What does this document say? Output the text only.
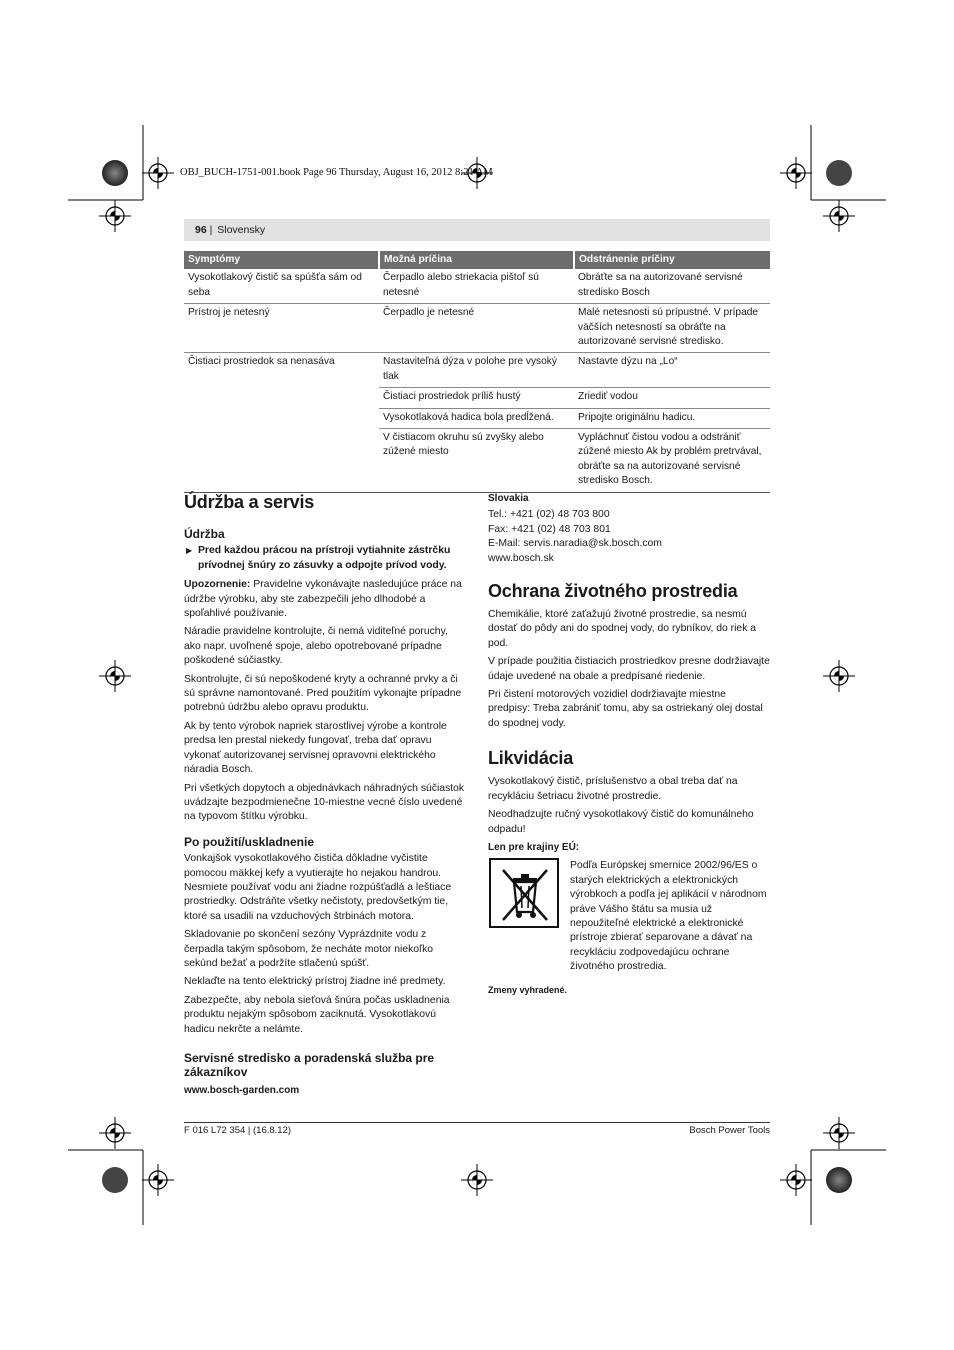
OBJ_BUCH-1751-001.book Page 96 Thursday, August 16, 2012 8:21 AM
96 | Slovensky
Symptómy	Možná príčina	Odstránenie príčiny
Vysokotlakový čistič sa spúšťa sám od seba	Čerpadlo alebo striekacia pištoľ sú netesné	Obráťte sa na autorizované servisné stredisko Bosch
Prístroj je netesný	Čerpadlo je netesné	Malé netesnosti sú prípustné. V prípade väčších netesností sa obráťte na autorizované servisné stredisko.
Čistiaci prostriedok sa nenasáva	Nastaviteľná dýza v polohe pre vysoký tlak	Nastavte dýzu na „Lo“
	Čistiaci prostriedok príliš hustý	Zriediť vodou
	Vysokotlaková hadica bola predĺžená.	Pripojte originálnu hadicu.
	V čistiacom okruhu sú zvyšky alebo zúžené miesto	Vypláchnuť čistou vodou a odstrániť zúžené miesto Ak by problém pretrvával, obráťte sa na autorizované servisné stredisko Bosch.
Údržba a servis
Údržba

▶ Pred každou prácou na prístroji vytiahnite zástrčku prívodnej šnúry zo zásuvky a odpojte prívod vody.

Upozornenie: Pravidelne vykonávajte nasledujúce práce na údržbe výrobku, aby ste zabezpečili jeho dlhodobé a spoľahlivé používanie.

Náradie pravidelne kontrolujte, či nemá viditeľné poruchy, ako napr. uvoľnené spoje, alebo opotrebované prípadne poškodené súčiastky.

Skontrolujte, či sú nepoškodené kryty a ochranné prvky a či sú správne namontované. Pred použitím vykonajte prípadne potrebnú údržbu alebo opravu produktu.

Ak by tento výrobok napriek starostlivej výrobe a kontrole predsa len prestal niekedy fungovať, treba dať opravu vykonať autorizovanej servisnej opravovni elektrického náradia Bosch.

Pri všetkých dopytoch a objednávkach náhradných súčiastok uvádzajte bezpodmienečne 10-miestne vecné číslo uvedené na typovom štítku výrobku.

Po použití/uskladnenie

Vonkajšok vysokotlakového čističa dôkladne vyčistite pomocou mäkkej kefy a vyutierajte ho nejakou handrou. Nesmiete používať vodu ani žiadne rozpúšťadlá a leštiace prostriedky. Odstráňte všetky nečistoty, predovšetkým tie, ktoré sa usadili na vzduchových štrbinách motora.

Skladovanie po skončení sezóny Vyprázdnite vodu z čerpadla takým spôsobom, že necháte motor niekoľko sekúnd bežať a podržíte stlačenú spúšť.

Neklaďte na tento elektrický prístroj žiadne iné predmety.

Zabezpečte, aby nebola sieťová šnúra počas uskladnenia produktu nejakým spôsobom zaciknutá. Vysokotlakovú hadicu nekrčte a nelámte.

Servisné stredisko a poradenská služba pre zákazníkov

www.bosch-garden.com

Slovakia

Tel.: +421 (02) 48 703 800
Fax: +421 (02) 48 703 801
E-Mail: servis.naradia@sk.bosch.com
www.bosch.sk
Ochrana životného prostredia

Chemikálie, ktoré zaťažujú životné prostredie, sa nesmú dostať do pôdy ani do spodnej vody, do rybníkov, do riek a pod.

V prípade použitia čistiacich prostriedkov presne dodržiavajte údaje uvedené na obale a predpísané riedenie.

Pri čistení motorových vozidiel dodržiavajte miestne predpisy: Treba zabrániť tomu, aby sa ostriekaný olej dostal do spodnej vody.

Likvidácia

Vysokotlakový čistič, príslušenstvo a obal treba dať na recykláciu šetriacu životné prostredie.

Neodhadzujte ručný vysokotlakový čistič do komunálneho odpadu!

Len pre krajiny EÚ:

Podľa Európskej smernice 2002/96/ES o starých elektrických a elektronických výrobkoch a podľa jej aplikácií v národnom práve Vášho štátu sa musia už nepoužiteľné elektrické a elektronické prístroje zbierať separovane a dávať na recykláciu zodpovedajúcu ochrane životného prostredia.

Zmeny vyhradené.

F 016 L72 354 | (16.8.12)	Bosch Power Tools
